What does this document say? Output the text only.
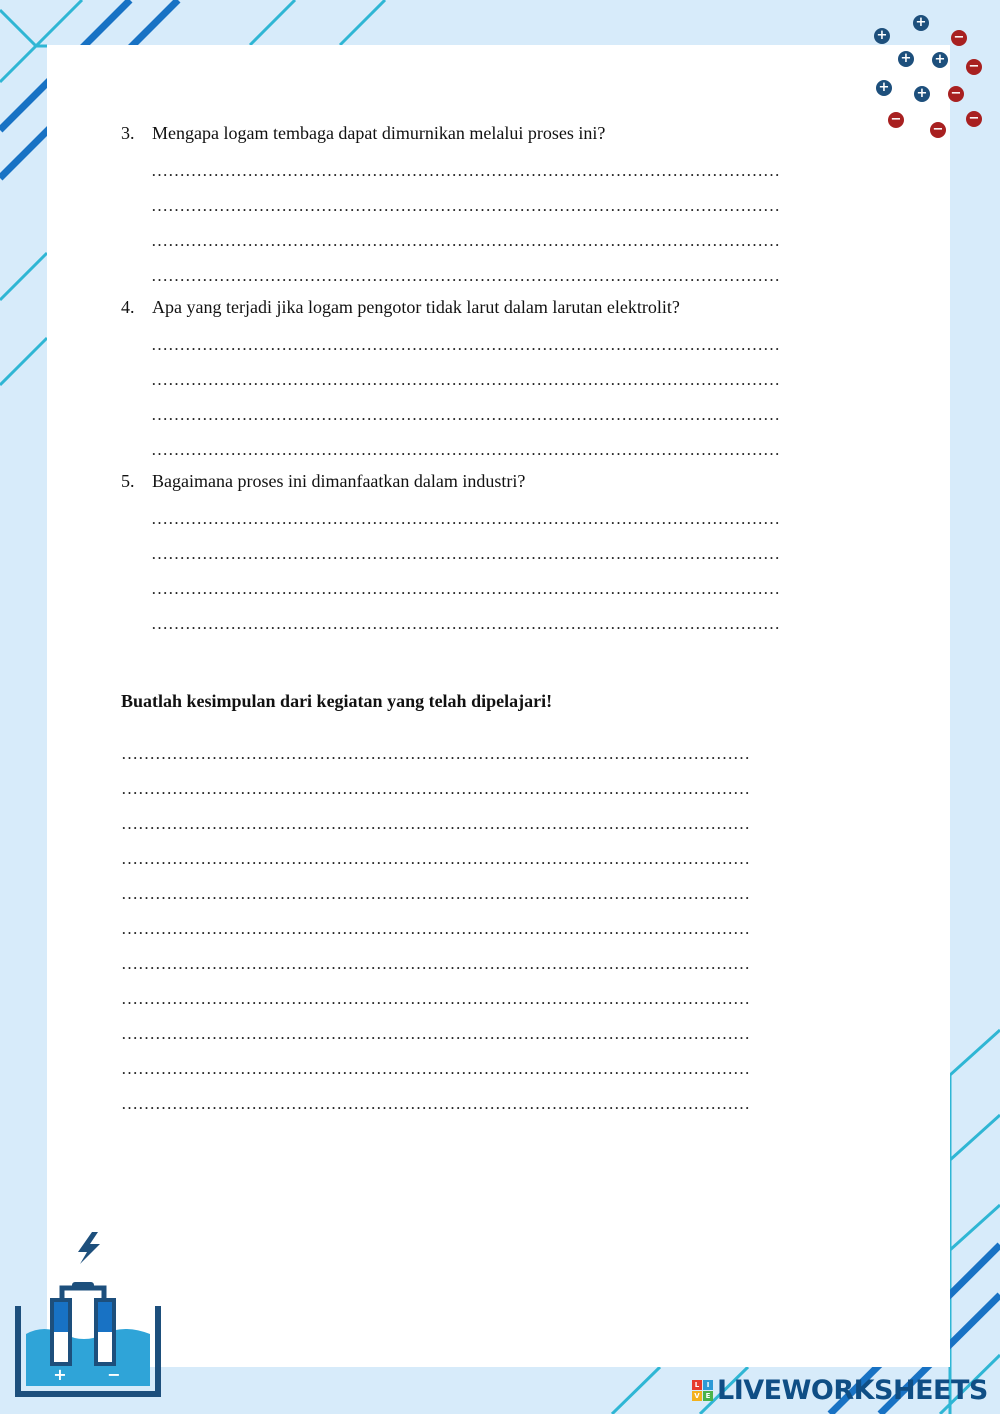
+
+	−
+ + −
+ + −
−	−
−
3. Mengapa logam tembaga dapat dimurnikan melalui proses ini?
…………………………………………………………………………………………………
…………………………………………………………………………………………………
…………………………………………………………………………………………………
…………………………………………………………………………………………………
4. Apa yang terjadi jika logam pengotor tidak larut dalam larutan elektrolit?
…………………………………………………………………………………………………
…………………………………………………………………………………………………
…………………………………………………………………………………………………
…………………………………………………………………………………………………
5. Bagaimana proses ini dimanfaatkan dalam industri?
…………………………………………………………………………………………………
…………………………………………………………………………………………………
…………………………………………………………………………………………………
…………………………………………………………………………………………………
Buatlah kesimpulan dari kegiatan yang telah dipelajari!
…………………………………………………………………………………………………
…………………………………………………………………………………………………
…………………………………………………………………………………………………
…………………………………………………………………………………………………
…………………………………………………………………………………………………
…………………………………………………………………………………………………
…………………………………………………………………………………………………
…………………………………………………………………………………………………
…………………………………………………………………………………………………
…………………………………………………………………………………………………
…………………………………………………………………………………………………
+	−
L	I
V E LIVEWORKSHEETS
